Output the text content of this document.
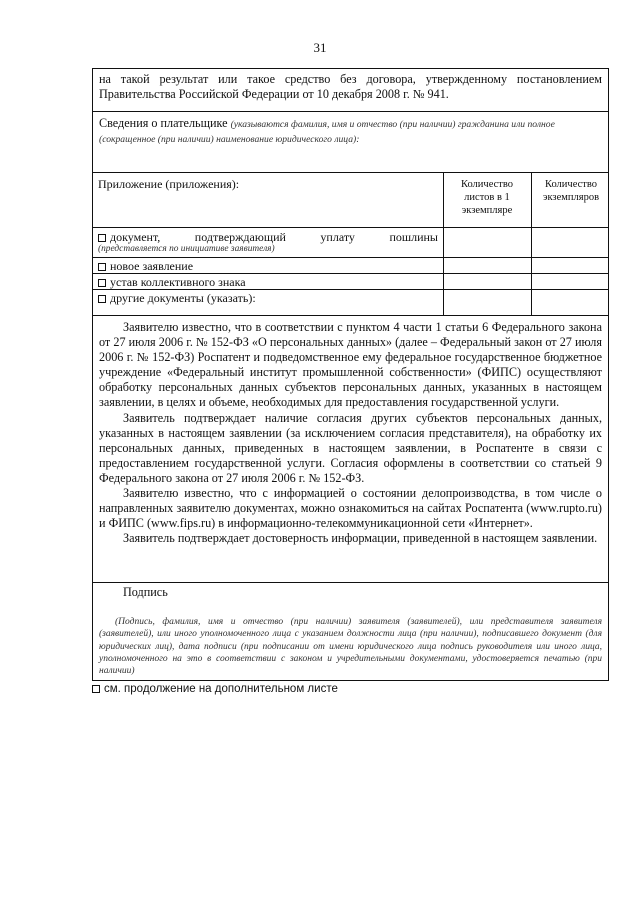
31
на такой результат или такое средство без договора, утвержденному постановлением
Правительства Российской Федерации от 10 декабря 2008 г. № 941.
Сведения о плательщике (указываются фамилия, имя и отчество (при наличии) гражданина или полное (сокращенное (при наличии) наименование юридического лица):
Приложение (приложения):	Количество листов в 1 экземпляре
Количество экземпляров
документ, подтверждающий уплату пошлины
(представляется по инициативе заявителя)
новое заявление
устав коллективного знака
другие документы (указать):

Заявителю известно, что в соответствии с пунктом 4 части 1 статьи 6 Федерального закона от 27 июля 2006 г. № 152-ФЗ «О персональных данных» (далее – Федеральный закон от 27 июля 2006 г. № 152-ФЗ) Роспатент и подведомственное ему федеральное государственное бюджетное учреждение «Федеральный институт промышленной собственности» (ФИПС) осуществляют обработку персональных данных субъектов персональных данных, указанных в настоящем заявлении, в целях и объеме, необходимых для предоставления государственной услуги.

Заявитель подтверждает наличие согласия других субъектов персональных данных, указанных в настоящем заявлении (за исключением согласия представителя), на обработку их персональных данных, приведенных в настоящем заявлении, в Роспатенте в связи с предоставлением государственной услуги. Согласия оформлены в соответствии со статьей 9 Федерального закона от 27 июля 2006 г. № 152-ФЗ.

Заявителю известно, что с информацией о состоянии делопроизводства, в том числе о направленных заявителю документах, можно ознакомиться на сайтах Роспатента (www.rupto.ru) и ФИПС (www.fips.ru) в информационно-телекоммуникационной сети «Интернет».

Заявитель подтверждает достоверность информации, приведенной в настоящем заявлении.

Подпись
(Подпись, фамилия, имя и отчество (при наличии) заявителя (заявителей), или представителя заявителя (заявителей), или иного уполномоченного лица с указанием должности лица (при наличии), подписавшего документ (для юридических лиц), дата подписи (при подписании от имени юридического лица подпись руководителя или иного лица, уполномоченного на это в соответствии с законом и учредительными документами, удостоверяется печатью (при наличии)
см. продолжение на дополнительном листе
